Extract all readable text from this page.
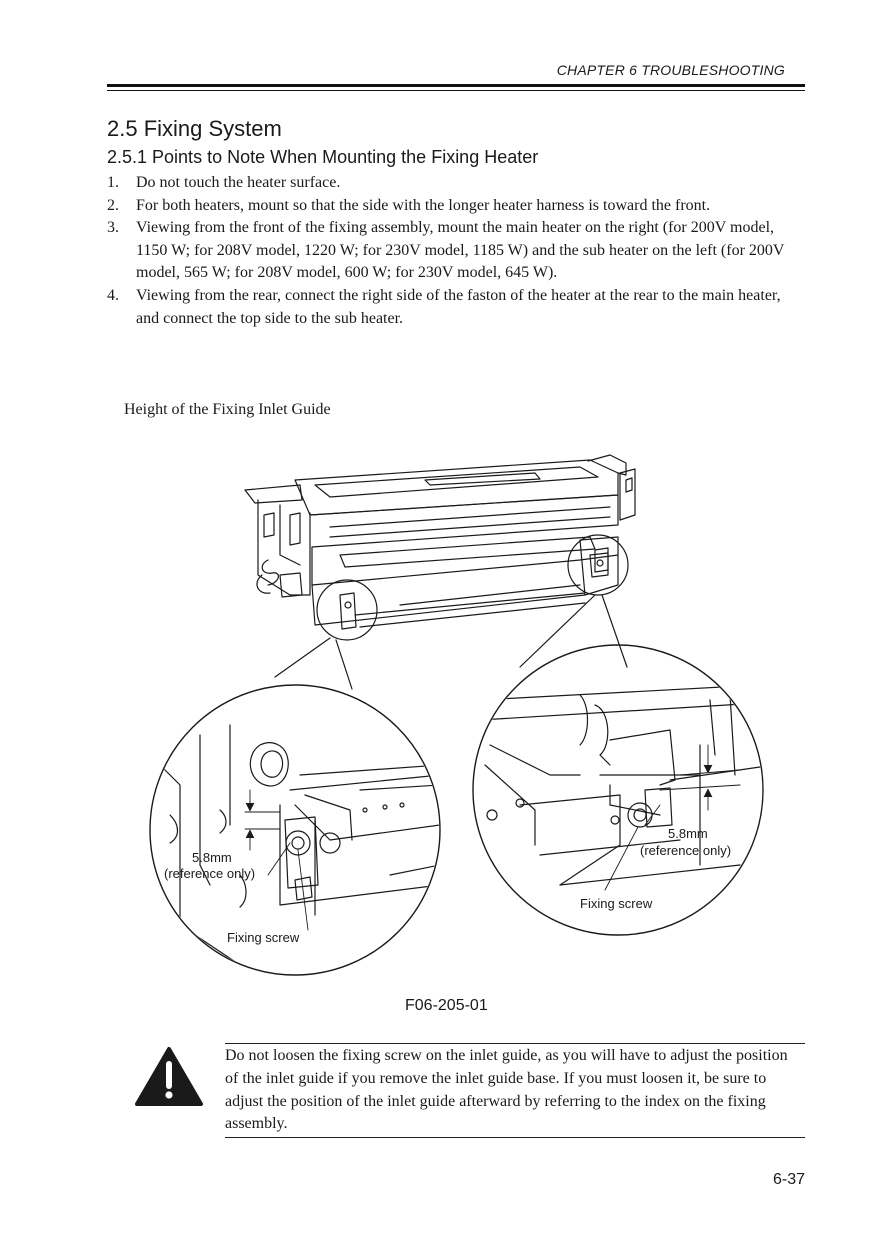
CHAPTER 6 TROUBLESHOOTING
2.5 Fixing System
2.5.1 Points to Note When Mounting the Fixing Heater
1. Do not touch the heater surface.
2. For both heaters, mount so that the side with the longer heater harness is toward the front.
3. Viewing from the front of the fixing assembly, mount the main heater on the right (for 200V model, 1150 W; for 208V model, 1220 W; for 230V model, 1185 W) and the sub heater on the left (for 200V model, 565 W; for 208V model, 600 W; for 230V model, 645 W).
4. Viewing from the rear, connect the right side of the faston of the heater at the rear to the main heater, and connect the top side to the sub heater.
Height of the Fixing Inlet Guide
5.8mm
(reference only)
Fixing screw
5.8mm
(reference only)
Fixing screw
F06-205-01
Do not loosen the fixing screw on the inlet guide, as you will have to adjust the position of the inlet guide if you remove the inlet guide base. If you must loosen it, be sure to adjust the position of the inlet guide afterward by referring to the index on the fixing assembly.
6-37
